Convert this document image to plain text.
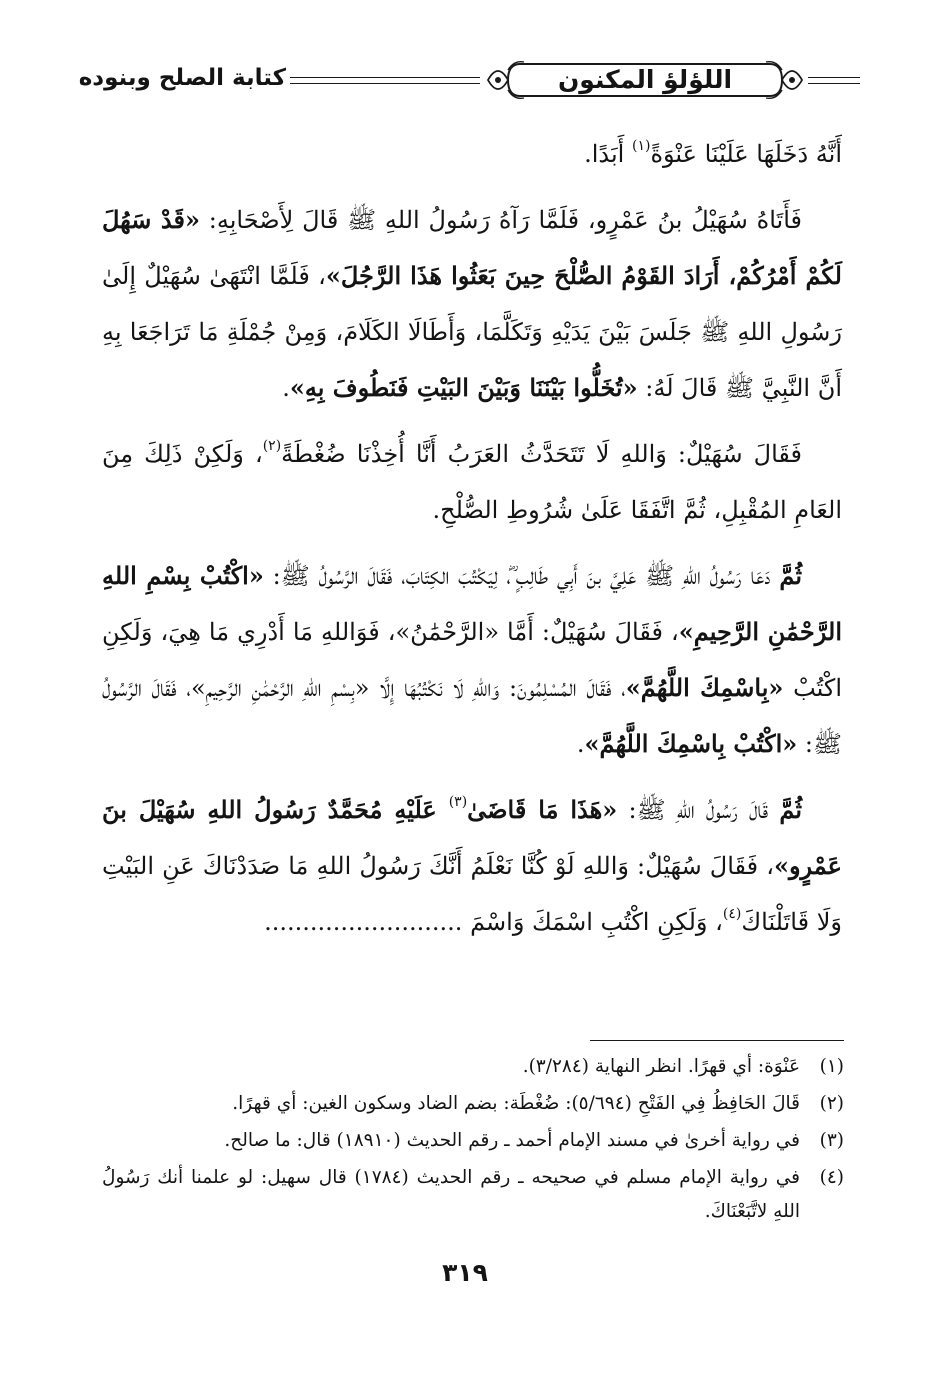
اللؤلؤ المكنون
كتابة الصلح وبنوده

أَنَّهُ دَخَلَهَا عَلَيْنَا عَنْوَةً$^{(١)}$ أَبَدًا.

فَأَتَاهُ سُهَيْلُ بنُ عَمْرٍو، فَلَمَّا رَآهُ رَسُولُ اللهِ ﷺ قَالَ لِأَصْحَابِهِ: «قَدْ سَهُلَ لَكُمْ أَمْرُكُمْ، أَرَادَ القَوْمُ الصُّلْحَ حِينَ بَعَثُوا هَذَا الرَّجُلَ»، فَلَمَّا انْتَهَىٰ سُهَيْلٌ إِلَىٰ رَسُولِ اللهِ ﷺ جَلَسَ بَيْنَ يَدَيْهِ وَتَكَلَّمَا، وَأَطَالَا الكَلَامَ، وَمِنْ جُمْلَةِ مَا تَرَاجَعَا بِهِ أَنَّ النَّبِيَّ ﷺ قَالَ لَهُ: «تُخَلُّوا بَيْنَنَا وَبَيْنَ البَيْتِ فَنَطُوفَ بِهِ».

فَقَالَ سُهَيْلٌ: وَاللهِ لَا تَتَحَدَّثُ العَرَبُ أَنَّا أُخِذْنَا ضُغْطَةً$^{(٢)}$، وَلَكِنْ ذَلِكَ مِنَ العَامِ المُقْبِلِ، ثُمَّ اتَّفَقَا عَلَىٰ شُرُوطِ الصُّلْحِ.

ثُمَّ دَعَا رَسُولُ اللهِ ﷺ عَلِيَّ بنَ أَبِي طَالِبٍ ؓ، لِيَكْتُبَ الكِتَابَ، فَقَالَ الرَّسُولُ ﷺ: «اكْتُبْ بِسْمِ اللهِ الرَّحْمَٰنِ الرَّحِيمِ»، فَقَالَ سُهَيْلٌ: أَمَّا «الرَّحْمَٰنُ»، فَوَاللهِ مَا أَدْرِي مَا هِيَ، وَلَكِنِ اكْتُبْ «بِاسْمِكَ اللَّهُمَّ»، فَقَالَ المُسْلِمُونَ: وَاللهِ لَا نَكْتُبُهَا إِلَّا «بِسْمِ اللهِ الرَّحْمَٰنِ الرَّحِيمِ»، فَقَالَ الرَّسُولُ ﷺ: «اكْتُبْ بِاسْمِكَ اللَّهُمَّ».

ثُمَّ قَالَ رَسُولُ اللهِ ﷺ: «هَذَا مَا قَاضَىٰ$^{(٣)}$ عَلَيْهِ مُحَمَّدٌ رَسُولُ اللهِ سُهَيْلَ بنَ عَمْرٍو»، فَقَالَ سُهَيْلٌ: وَاللهِ لَوْ كُنَّا نَعْلَمُ أَنَّكَ رَسُولُ اللهِ مَا صَدَدْنَاكَ عَنِ البَيْتِ وَلَا قَاتَلْنَاكَ$^{(٤)}$، وَلَكِنِ اكْتُبِ اسْمَكَ وَاسْمَ ..........................

(١)
عَنْوَة: أي قهرًا. انظر النهاية (٣/٢٨٤).
(٢)
قَالَ الحَافِظُ فِي الفَتْحِ (٥/٦٩٤): ضُغْطَة: بضم الضاد وسكون الغين: أي قهرًا.
(٣)
في رواية أخرىٰ في مسند الإمام أحمد ـ رقم الحديث (١٨٩١٠) قال: ما صالح.
(٤)
في رواية الإمام مسلم في صحيحه ـ رقم الحديث (١٧٨٤) قال سهيل: لو علمنا أنك رَسُولُ اللهِ لاتَّبَعْنَاكَ.
٣١٩
